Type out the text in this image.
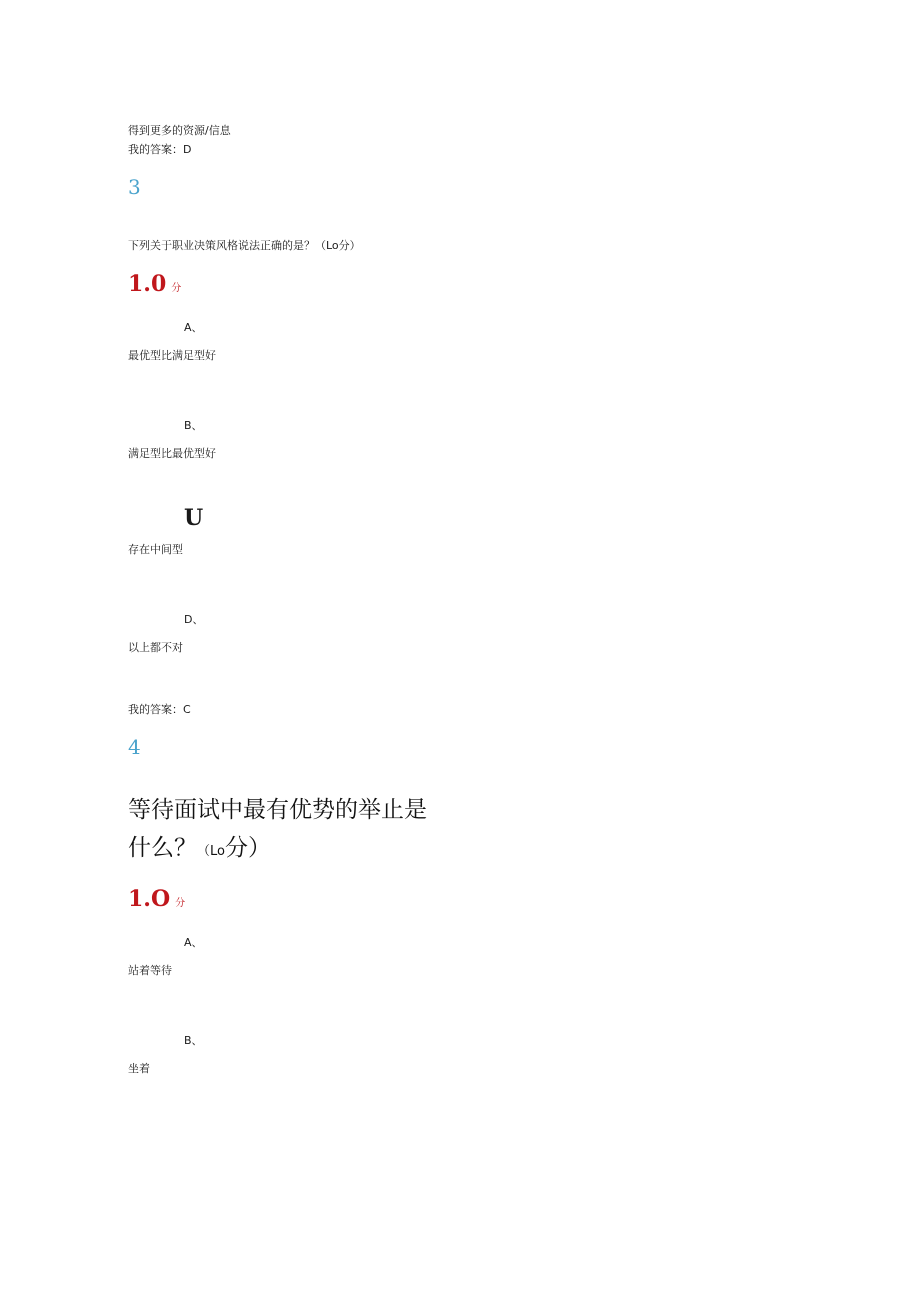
得到更多的资源/信息
我的答案：D
3
下列关于职业决策风格说法正确的是？（Lo分）
1.0 分
A、
最优型比满足型好
B、
满足型比最优型好
U
存在中间型
D、
以上都不对
我的答案：C
4
等待面试中最有优势的举止是
什么？（Lo分）
1.O 分
A、
站着等待
B、
坐着
